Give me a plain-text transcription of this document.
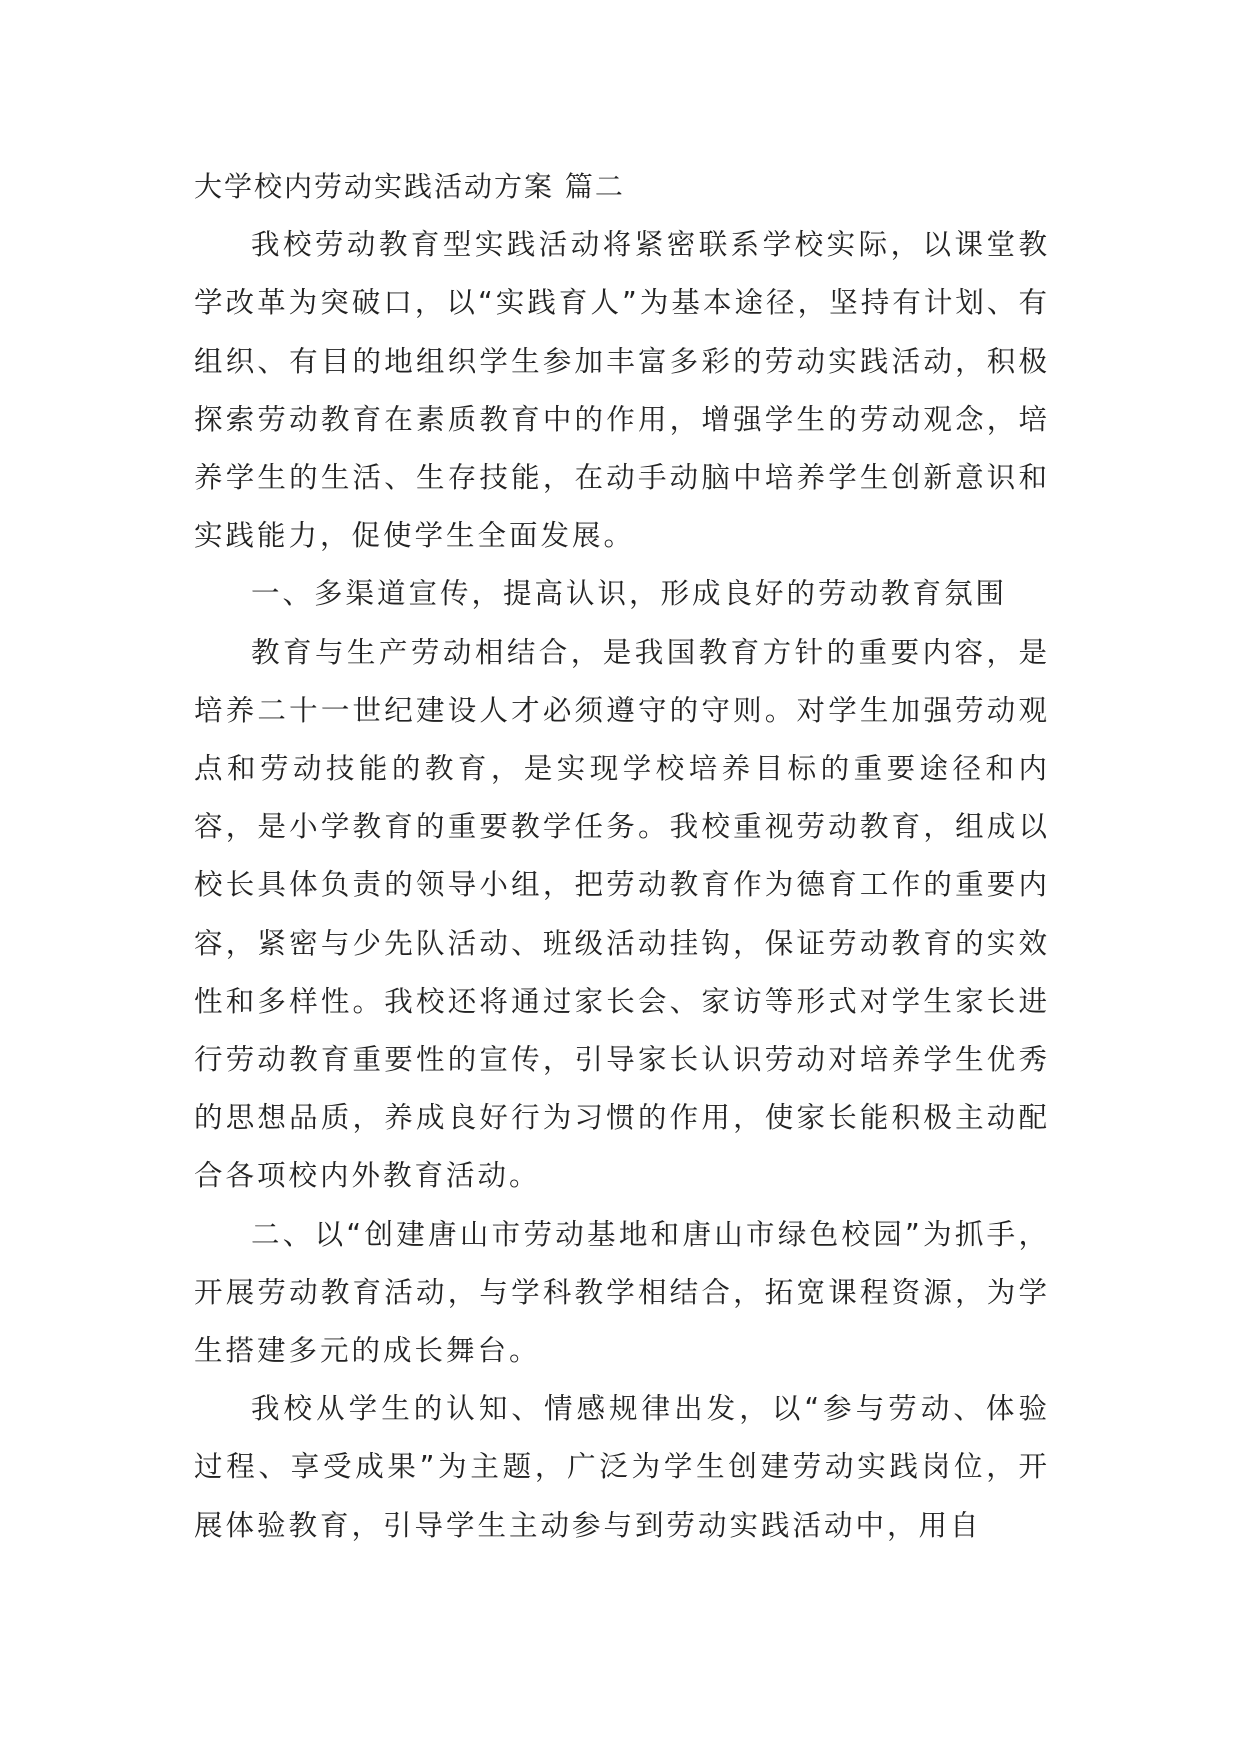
大学校内劳动实践活动方案 篇二

我校劳动教育型实践活动将紧密联系学校实际，以课堂教学改革为突破口，以“实践育人”为基本途径，坚持有计划、有组织、有目的地组织学生参加丰富多彩的劳动实践活动，积极探索劳动教育在素质教育中的作用，增强学生的劳动观念，培养学生的生活、生存技能，在动手动脑中培养学生创新意识和实践能力，促使学生全面发展。

一、多渠道宣传，提高认识，形成良好的劳动教育氛围

教育与生产劳动相结合，是我国教育方针的重要内容，是培养二十一世纪建设人才必须遵守的守则。对学生加强劳动观点和劳动技能的教育，是实现学校培养目标的重要途径和内容，是小学教育的重要教学任务。我校重视劳动教育，组成以校长具体负责的领导小组，把劳动教育作为德育工作的重要内容，紧密与少先队活动、班级活动挂钩，保证劳动教育的实效性和多样性。我校还将通过家长会、家访等形式对学生家长进行劳动教育重要性的宣传，引导家长认识劳动对培养学生优秀的思想品质，养成良好行为习惯的作用，使家长能积极主动配合各项校内外教育活动。

二、以“创建唐山市劳动基地和唐山市绿色校园”为抓手，开展劳动教育活动，与学科教学相结合，拓宽课程资源，为学生搭建多元的成长舞台。

我校从学生的认知、情感规律出发，以“参与劳动、体验过程、享受成果”为主题，广泛为学生创建劳动实践岗位，开展体验教育，引导学生主动参与到劳动实践活动中，用自
